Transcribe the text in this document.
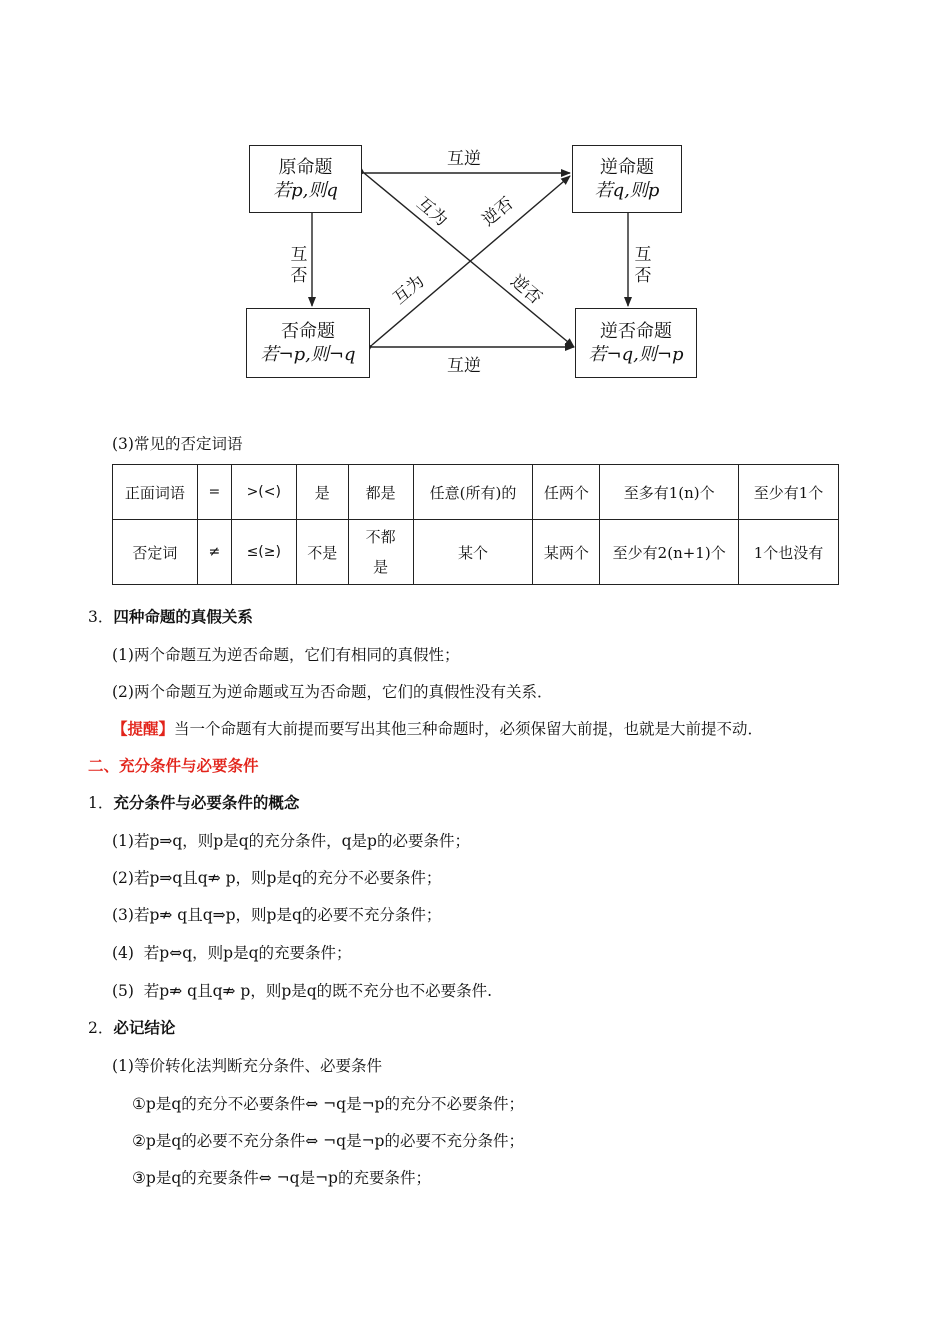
原命题
若p,则q
逆命题
若q,则p
否命题
若¬p,则¬q
逆否命题
若¬q,则¬p
互逆
互逆
互
否
互
否
互为 逆否
互为	逆否
(3)常见的否定词语
正面词语	=	>(<)	是	都是	任意(所有)的	任两个	至多有1(n)个	至少有1个
否定词	≠	≤(≥)	不是	不都是	某个	某两个	至少有2(n+1)个	1个也没有
3．四种命题的真假关系
(1)两个命题互为逆否命题，它们有相同的真假性；
(2)两个命题互为逆命题或互为否命题，它们的真假性没有关系．
【提醒】当一个命题有大前提而要写出其他三种命题时，必须保留大前提，也就是大前提不动．
二、充分条件与必要条件
1．充分条件与必要条件的概念
(1)若p⇒q，则p是q的充分条件，q是p的必要条件；
(2)若p⇒q且q⇏ p，则p是q的充分不必要条件；
(3)若p⇏ q且q⇒p，则p是q的必要不充分条件；
(4)  若p⇔q，则p是q的充要条件；
(5)  若p⇏ q且q⇏ p，则p是q的既不充分也不必要条件.
2．必记结论
(1)等价转化法判断充分条件、必要条件
①p是q的充分不必要条件⇔ ¬q是¬p的充分不必要条件；
②p是q的必要不充分条件⇔ ¬q是¬p的必要不充分条件；
③p是q的充要条件⇔ ¬q是¬p的充要条件；
